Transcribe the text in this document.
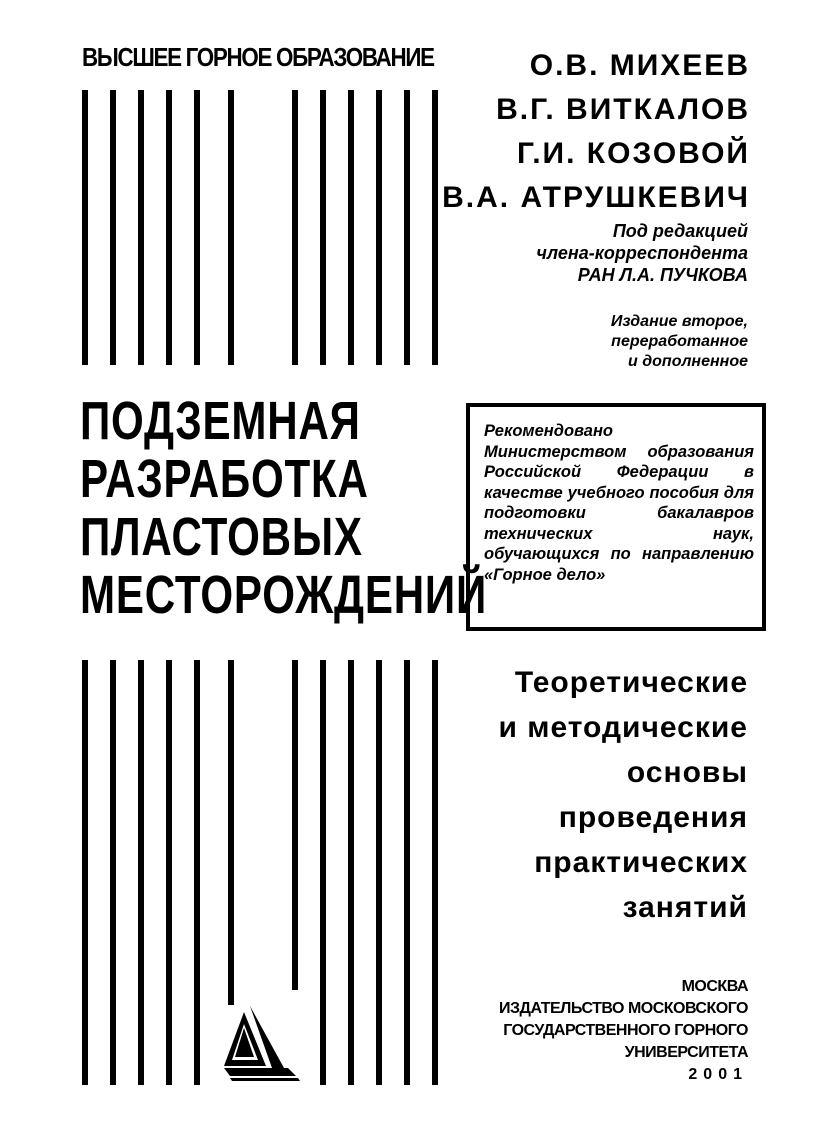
ВЫСШЕЕ ГОРНОЕ ОБРАЗОВАНИЕ	О.В. МИХЕЕВ
В.Г. ВИТКАЛОВ
Г.И. КОЗОВОЙ
В.А. АТРУШКЕВИЧ
Под редакцией
члена-корреспондента
РАН Л.А. ПУЧКОВА
Издание второе,
переработанное
и дополненное
ПОДЗЕМНАЯ
РАЗРАБОТКА
ПЛАСТОВЫХ
МЕСТОРОЖДЕНИЙ
Рекомендовано Министерством образования Российской Федерации в качестве учебного пособия для подготовки бакалавров технических наук, обучающихся по направлению «Горное дело»
Теоретические
и методические
основы
проведения
практических
занятий
МОСКВА
ИЗДАТЕЛЬСТВО МОСКОВСКОГО
ГОСУДАРСТВЕННОГО ГОРНОГО
УНИВЕРСИТЕТА
2001
